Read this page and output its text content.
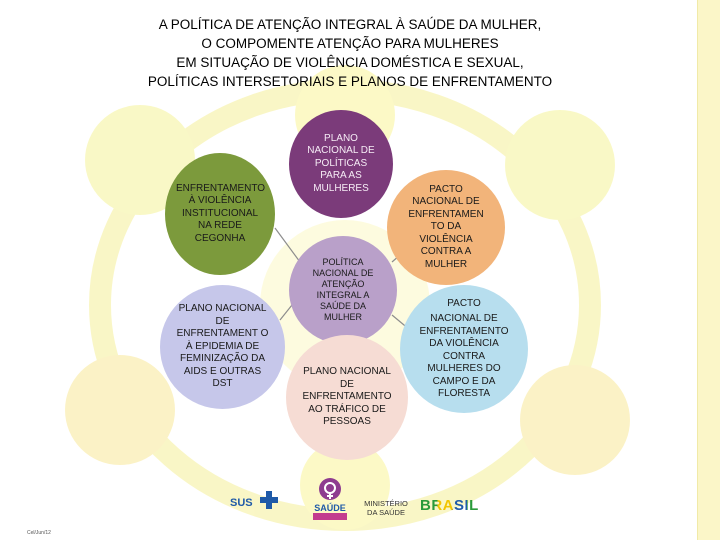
A POLÍTICA DE ATENÇÃO INTEGRAL À SAÚDE DA MULHER,
O COMPOMENTE ATENÇÃO PARA MULHERES
EM SITUAÇÃO DE VIOLÊNCIA DOMÉSTICA E SEXUAL,
POLÍTICAS INTERSETORIAIS E PLANOS DE ENFRENTAMENTO
ENFRENTAMENTO À VIOLÊNCIA INSTITUCIONAL NA REDE CEGONHA
PLANO NACIONAL DE POLÍTICAS PARA AS MULHERES
PLANO NACIONAL DE ENFRENTAMENT O À EPIDEMIA DE FEMINIZAÇÃO DA AIDS E OUTRAS DST
POLÍTICA NACIONAL DE ATENÇÃO INTEGRAL A SAÚDE DA MULHER
PACTO NACIONAL DE ENFRENTAMEN TO DA VIOLÊNCIA CONTRA A MULHER
PACTO
NACIONAL DE ENFRENTAMENTO DA VIOLÊNCIA CONTRA MULHERES DO CAMPO E DA FLORESTA
PLANO NACIONAL DE ENFRENTAMENTO AO TRÁFICO DE PESSOAS
SUS	SAÚDE	MINISTÉRIO
DA SAÚDE	BRASIL
Cel/Jun/12
